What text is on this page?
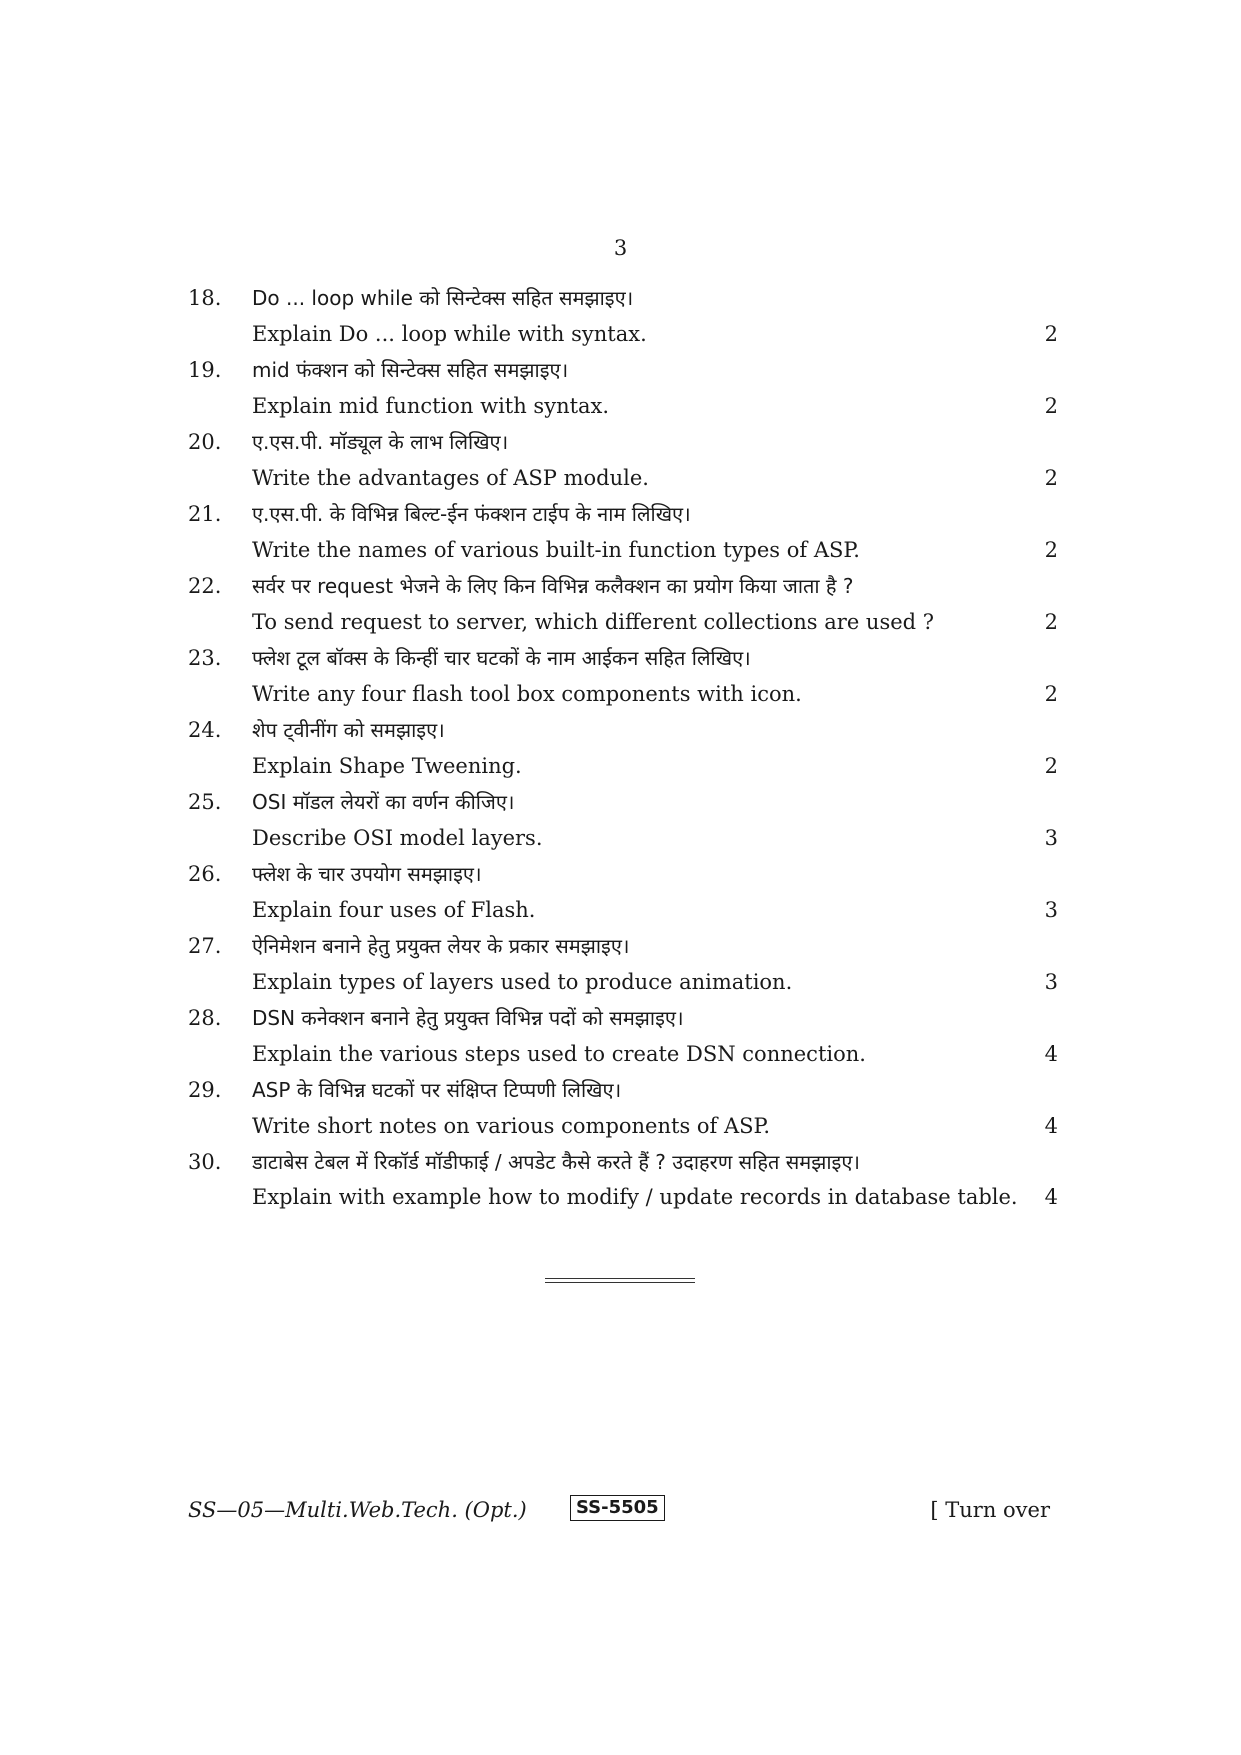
3
18.	Do ... loop while को सिन्टेक्स सहित समझाइए।
Explain Do ... loop while with syntax.	2
19.	mid फंक्शन को सिन्टेक्स सहित समझाइए।
Explain mid function with syntax.	2
20.	ए.एस.पी. मॉड्यूल के लाभ लिखिए।
Write the advantages of ASP module.	2
21.	ए.एस.पी. के विभिन्न बिल्ट-ईन फंक्शन टाईप के नाम लिखिए।
Write the names of various built-in function types of ASP.	2
22.	सर्वर पर request भेजने के लिए किन विभिन्न कलैक्शन का प्रयोग किया जाता है ?
To send request to server, which different collections are used ?	2
23.	फ्लेश टूल बॉक्स के किन्हीं चार घटकों के नाम आईकन सहित लिखिए।
Write any four flash tool box components with icon.	2
24.	शेप ट्वीनींग को समझाइए।
Explain Shape Tweening.	2
25.	OSI मॉडल लेयरों का वर्णन कीजिए।
Describe OSI model layers.	3
26.	फ्लेश के चार उपयोग समझाइए।
Explain four uses of Flash.	3
27.	ऐनिमेशन बनाने हेतु प्रयुक्त लेयर के प्रकार समझाइए।
Explain types of layers used to produce animation.	3
28.	DSN कनेक्शन बनाने हेतु प्रयुक्त विभिन्न पदों को समझाइए।
Explain the various steps used to create DSN connection.	4
29.	ASP के विभिन्न घटकों पर संक्षिप्त टिप्पणी लिखिए।
Write short notes on various components of ASP.	4
30.	डाटाबेस टेबल में रिकॉर्ड मॉडीफाई / अपडेट कैसे करते हैं ? उदाहरण सहित समझाइए।
Explain with example how to modify / update records in database table.	4
SS—05—Multi.Web.Tech. (Opt.)	SS-5505	[ Turn over
